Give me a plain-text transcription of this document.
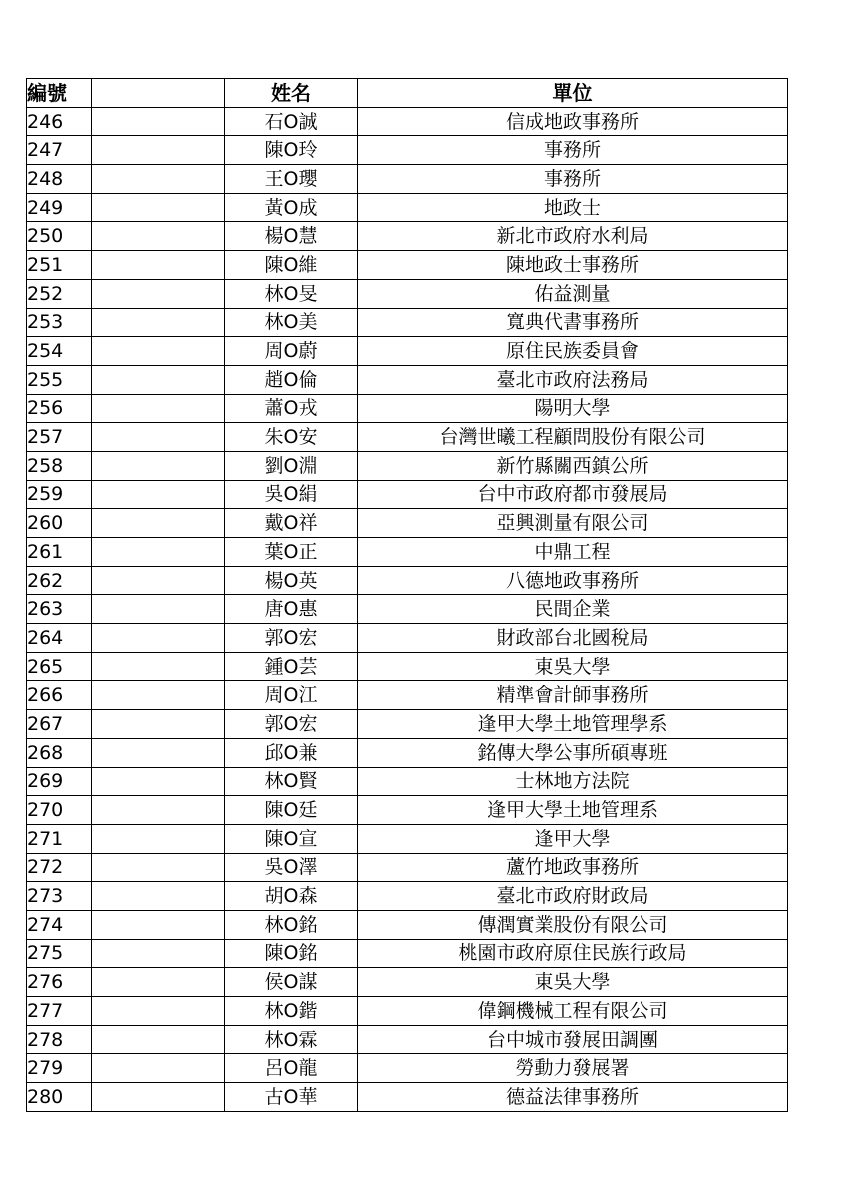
編號		姓名	單位
246		石O誠	信成地政事務所
247		陳O玲	事務所
248		王O瓔	事務所
249		黃O成	地政士
250		楊O慧	新北市政府水利局
251		陳O維	陳地政士事務所
252		林O旻	佑益測量
253		林O美	寬典代書事務所
254		周O蔚	原住民族委員會
255		趙O倫	臺北市政府法務局
256		蕭O戎	陽明大學
257		朱O安	台灣世曦工程顧問股份有限公司
258		劉O淵	新竹縣關西鎮公所
259		吳O絹	台中市政府都市發展局
260		戴O祥	亞興測量有限公司
261		葉O正	中鼎工程
262		楊O英	八德地政事務所
263		唐O惠	民間企業
264		郭O宏	財政部台北國稅局
265		鍾O芸	東吳大學
266		周O江	精準會計師事務所
267		郭O宏	逢甲大學土地管理學系
268		邱O兼	銘傳大學公事所碩專班
269		林O賢	士林地方法院
270		陳O廷	逢甲大學土地管理系
271		陳O宣	逢甲大學
272		吳O澤	蘆竹地政事務所
273		胡O森	臺北市政府財政局
274		林O銘	傳潤實業股份有限公司
275		陳O銘	桃園市政府原住民族行政局
276		侯O謀	東吳大學
277		林O鍇	偉鋼機械工程有限公司
278		林O霖	台中城市發展田調團
279		呂O龍	勞動力發展署
280		古O華	德益法律事務所
